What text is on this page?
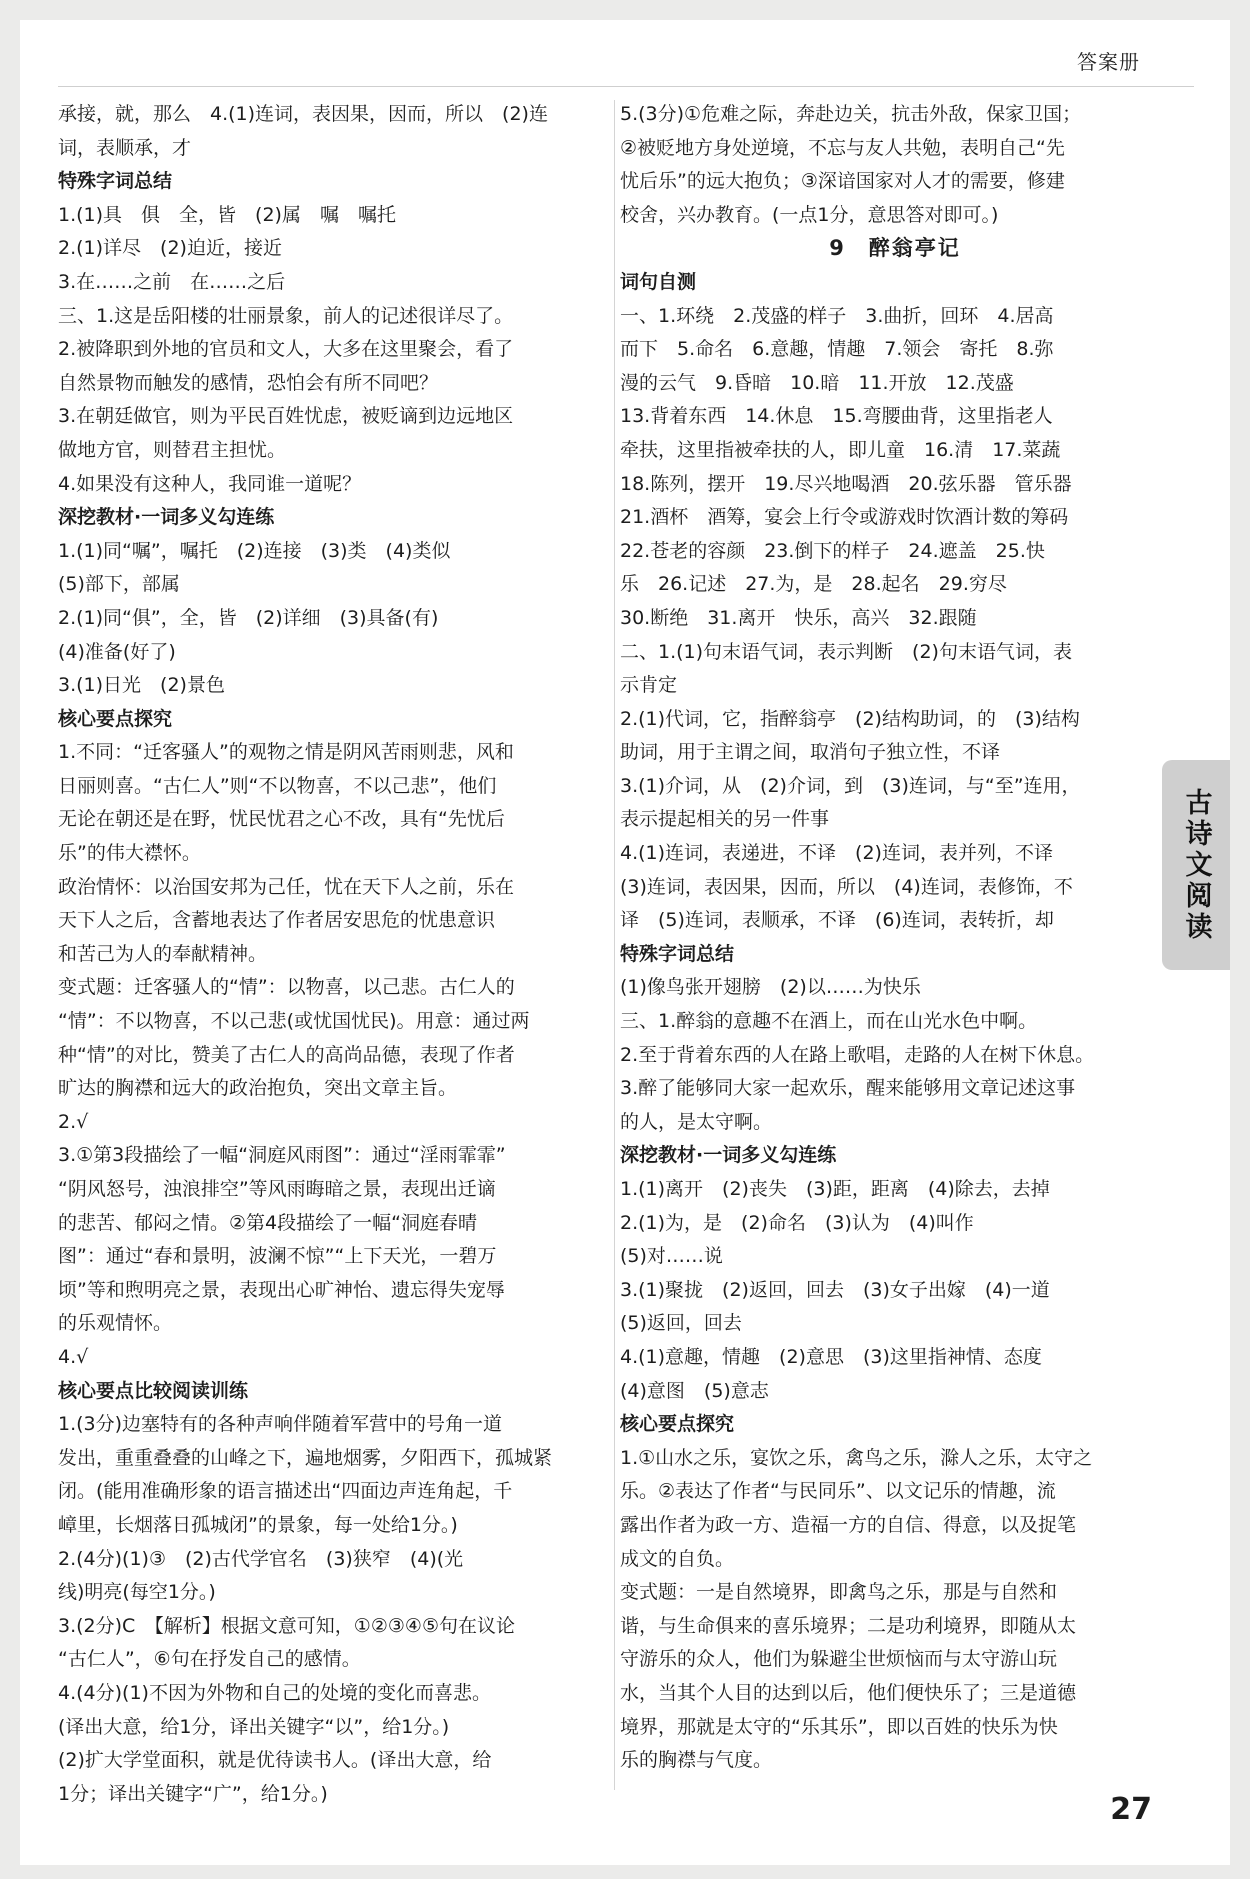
答案册
承接，就，那么　4.(1)连词，表因果，因而，所以　(2)连
词，表顺承，才
特殊字词总结
1.(1)具　俱　全，皆　(2)属　嘱　嘱托
2.(1)详尽　(2)迫近，接近
3.在……之前　在……之后
三、1.这是岳阳楼的壮丽景象，前人的记述很详尽了。
2.被降职到外地的官员和文人，大多在这里聚会，看了
自然景物而触发的感情，恐怕会有所不同吧？
3.在朝廷做官，则为平民百姓忧虑，被贬谪到边远地区
做地方官，则替君主担忧。
4.如果没有这种人，我同谁一道呢？
深挖教材·一词多义勾连练
1.(1)同“嘱”，嘱托　(2)连接　(3)类　(4)类似
(5)部下，部属
2.(1)同“俱”，全，皆　(2)详细　(3)具备(有)
(4)准备(好了)
3.(1)日光　(2)景色
核心要点探究
1.不同：“迁客骚人”的观物之情是阴风苦雨则悲，风和
日丽则喜。“古仁人”则“不以物喜，不以己悲”，他们
无论在朝还是在野，忧民忧君之心不改，具有“先忧后
乐”的伟大襟怀。
政治情怀：以治国安邦为己任，忧在天下人之前，乐在
天下人之后，含蓄地表达了作者居安思危的忧患意识
和苦己为人的奉献精神。
变式题：迁客骚人的“情”：以物喜，以己悲。古仁人的
“情”：不以物喜，不以己悲(或忧国忧民)。用意：通过两
种“情”的对比，赞美了古仁人的高尚品德，表现了作者
旷达的胸襟和远大的政治抱负，突出文章主旨。
2.√
3.①第3段描绘了一幅“洞庭风雨图”：通过“淫雨霏霏”
“阴风怒号，浊浪排空”等风雨晦暗之景，表现出迁谪
的悲苦、郁闷之情。②第4段描绘了一幅“洞庭春晴
图”：通过“春和景明，波澜不惊”“上下天光，一碧万
顷”等和煦明亮之景，表现出心旷神怡、遗忘得失宠辱
的乐观情怀。
4.√
核心要点比较阅读训练
1.(3分)边塞特有的各种声响伴随着军营中的号角一道
发出，重重叠叠的山峰之下，遍地烟雾，夕阳西下，孤城紧
闭。(能用准确形象的语言描述出“四面边声连角起，千
嶂里，长烟落日孤城闭”的景象，每一处给1分。)
2.(4分)(1)③　(2)古代学官名　(3)狭窄　(4)(光
线)明亮(每空1分。)
3.(2分)C　【解析】根据文意可知，①②③④⑤句在议论
“古仁人”，⑥句在抒发自己的感情。
4.(4分)(1)不因为外物和自己的处境的变化而喜悲。
(译出大意，给1分，译出关键字“以”，给1分。)
(2)扩大学堂面积，就是优待读书人。(译出大意，给
1分；译出关键字“广”，给1分。)
5.(3分)①危难之际，奔赴边关，抗击外敌，保家卫国；
②被贬地方身处逆境，不忘与友人共勉，表明自己“先
忧后乐”的远大抱负；③深谙国家对人才的需要，修建
校舍，兴办教育。(一点1分，意思答对即可。)
9　醉翁亭记
词句自测
一、1.环绕　2.茂盛的样子　3.曲折，回环　4.居高
而下　5.命名　6.意趣，情趣　7.领会　寄托　8.弥
漫的云气　9.昏暗　10.暗　11.开放　12.茂盛
13.背着东西　14.休息　15.弯腰曲背，这里指老人
牵扶，这里指被牵扶的人，即儿童　16.清　17.菜蔬
18.陈列，摆开　19.尽兴地喝酒　20.弦乐器　管乐器
21.酒杯　酒筹，宴会上行令或游戏时饮酒计数的筹码
22.苍老的容颜　23.倒下的样子　24.遮盖　25.快
乐　26.记述　27.为，是　28.起名　29.穷尽
30.断绝　31.离开　快乐，高兴　32.跟随
二、1.(1)句末语气词，表示判断　(2)句末语气词，表
示肯定
2.(1)代词，它，指醉翁亭　(2)结构助词，的　(3)结构
助词，用于主谓之间，取消句子独立性，不译
3.(1)介词，从　(2)介词，到　(3)连词，与“至”连用，
表示提起相关的另一件事
4.(1)连词，表递进，不译　(2)连词，表并列，不译
(3)连词，表因果，因而，所以　(4)连词，表修饰，不
译　(5)连词，表顺承，不译　(6)连词，表转折，却
特殊字词总结
(1)像鸟张开翅膀　(2)以……为快乐
三、1.醉翁的意趣不在酒上，而在山光水色中啊。
2.至于背着东西的人在路上歌唱，走路的人在树下休息。
3.醉了能够同大家一起欢乐，醒来能够用文章记述这事
的人，是太守啊。
深挖教材·一词多义勾连练
1.(1)离开　(2)丧失　(3)距，距离　(4)除去，去掉
2.(1)为，是　(2)命名　(3)认为　(4)叫作
(5)对……说
3.(1)聚拢　(2)返回，回去　(3)女子出嫁　(4)一道
(5)返回，回去
4.(1)意趣，情趣　(2)意思　(3)这里指神情、态度
(4)意图　(5)意志
核心要点探究
1.①山水之乐，宴饮之乐，禽鸟之乐，滁人之乐，太守之
乐。②表达了作者“与民同乐”、以文记乐的情趣，流
露出作者为政一方、造福一方的自信、得意，以及捉笔
成文的自负。
变式题：一是自然境界，即禽鸟之乐，那是与自然和
谐，与生命俱来的喜乐境界；二是功利境界，即随从太
守游乐的众人，他们为躲避尘世烦恼而与太守游山玩
水，当其个人目的达到以后，他们便快乐了；三是道德
境界，那就是太守的“乐其乐”，即以百姓的快乐为快
乐的胸襟与气度。
古诗文阅读
27
